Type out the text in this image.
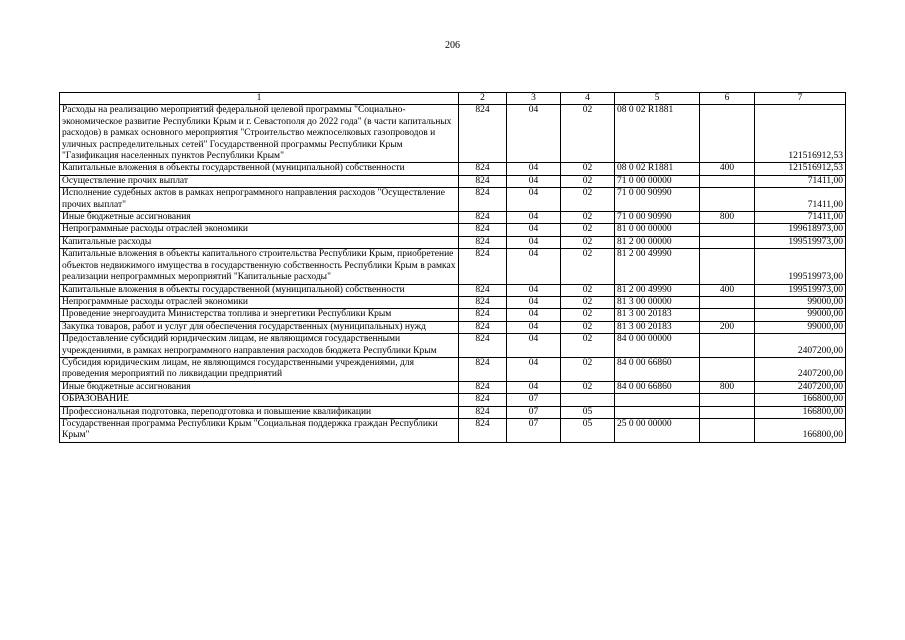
206
1	2	3	4	5	6	7
Расходы на реализацию мероприятий федеральной целевой программы "Социально-экономическое развитие Республики Крым и г. Севастополя до 2022 года" (в части капитальных расходов) в рамках основного мероприятия "Строительство межпоселковых газопроводов и уличных распределительных сетей" Государственной программы Республики Крым "Газификация населенных пунктов Республики Крым"	824	04	02	08 0 02 R1881		121516912,53
Капитальные вложения в объекты государственной (муниципальной) собственности	824	04	02	08 0 02 R1881	400	121516912,53
Осуществление прочих выплат	824	04	02	71 0 00 00000		71411,00
Исполнение судебных актов в рамках непрограммного направления расходов "Осуществление прочих выплат"	824	04	02	71 0 00 90990		71411,00
Иные бюджетные ассигнования	824	04	02	71 0 00 90990	800	71411,00
Непрограммные расходы отраслей экономики	824	04	02	81 0 00 00000		199618973,00
Капитальные расходы	824	04	02	81 2 00 00000		199519973,00
Капитальные вложения в объекты капитального строительства Республики Крым, приобретение объектов недвижимого имущества в государственную собственность Республики Крым в рамках реализации непрограммных мероприятий "Капитальные расходы"	824	04	02	81 2 00 49990		199519973,00
Капитальные вложения в объекты государственной (муниципальной) собственности	824	04	02	81 2 00 49990	400	199519973,00
Непрограммные расходы отраслей экономики	824	04	02	81 3 00 00000		99000,00
Проведение энергоаудита Министерства топлива и энергетики Республики Крым	824	04	02	81 3 00 20183		99000,00
Закупка товаров, работ и услуг для обеспечения государственных (муниципальных) нужд	824	04	02	81 3 00 20183	200	99000,00
Предоставление субсидий юридическим лицам, не являющимся государственными учреждениями, в рамках непрограммного направления расходов бюджета Республики Крым	824	04	02	84 0 00 00000		2407200,00
Субсидия юридическим лицам, не являющимся государственными учреждениями, для проведения мероприятий по ликвидации предприятий	824	04	02	84 0 00 66860		2407200,00
Иные бюджетные ассигнования	824	04	02	84 0 00 66860	800	2407200,00
ОБРАЗОВАНИЕ	824	07				166800,00
Профессиональная подготовка, переподготовка и повышение квалификации	824	07	05			166800,00
Государственная программа Республики Крым "Социальная поддержка граждан Республики Крым"	824	07	05	25 0 00 00000		166800,00
